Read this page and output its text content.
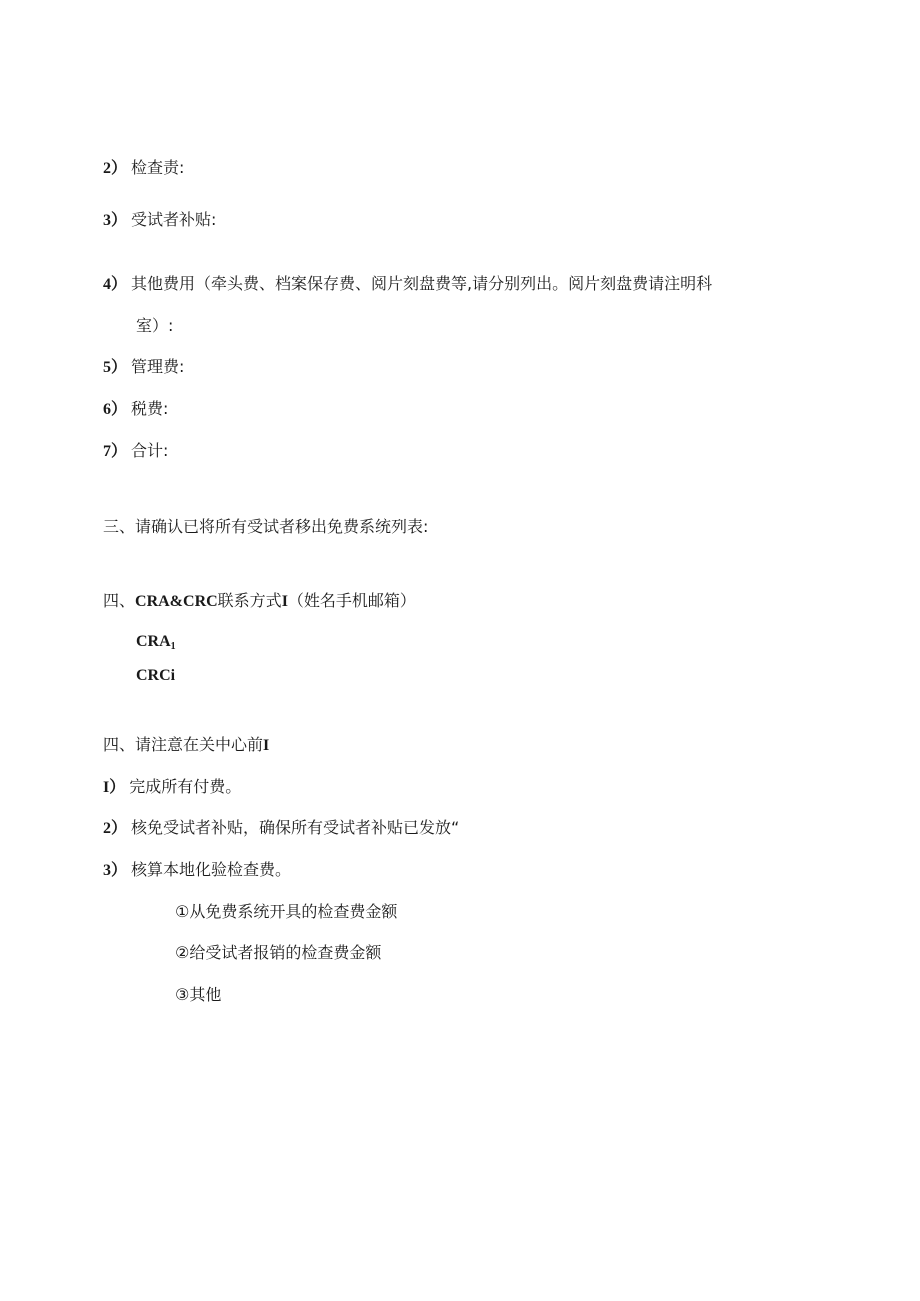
2） 检查责:
3） 受试者补贴:
4） 其他费用（牵头费、档案保存费、阅片刻盘费等,请分别列出。阅片刻盘费请注明科
室）:
5） 管理费:
6） 税费:
7） 合计:
三、请确认已将所有受试者移出免费系统列表:
四、CRA&CRC联系方式I（姓名手机邮箱）
$CRA_1$
CRCi
四、请注意在关中心前I
I） 完成所有付费。
2） 核免受试者补贴，确保所有受试者补贴已发放“
3） 核算本地化验检查费。
①从免费系统开具的检查费金额
②给受试者报销的检查费金额
③其他
